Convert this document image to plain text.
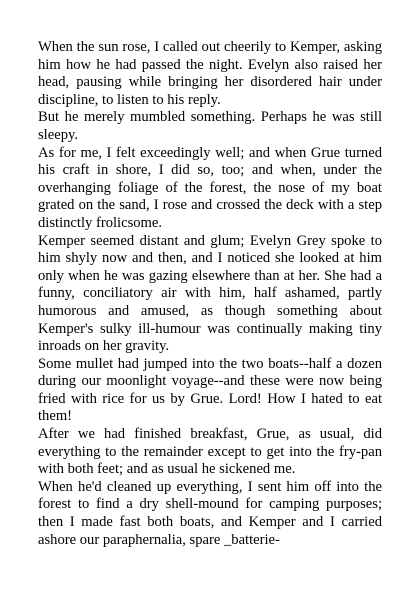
When the sun rose, I called out cheerily to Kemper, asking him how he had passed the night. Evelyn also raised her head, pausing while bringing her disordered hair under discipline, to listen to his reply.

But he merely mumbled something. Perhaps he was still sleepy.

As for me, I felt exceedingly well; and when Grue turned his craft in shore, I did so, too; and when, under the overhanging foliage of the forest, the nose of my boat grated on the sand, I rose and crossed the deck with a step distinctly frolicsome.

Kemper seemed distant and glum; Evelyn Grey spoke to him shyly now and then, and I noticed she looked at him only when he was gazing elsewhere than at her. She had a funny, conciliatory air with him, half ashamed, partly humorous and amused, as though something about Kemper's sulky ill-humour was continually making tiny inroads on her gravity.

Some mullet had jumped into the two boats--half a dozen during our moonlight voyage--and these were now being fried with rice for us by Grue. Lord! How I hated to eat them!

After we had finished breakfast, Grue, as usual, did everything to the remainder except to get into the fry-pan with both feet; and as usual he sickened me.

When he'd cleaned up everything, I sent him off into the forest to find a dry shell-mound for camping purposes; then I made fast both boats, and Kemper and I carried ashore our paraphernalia, spare _batterie-
